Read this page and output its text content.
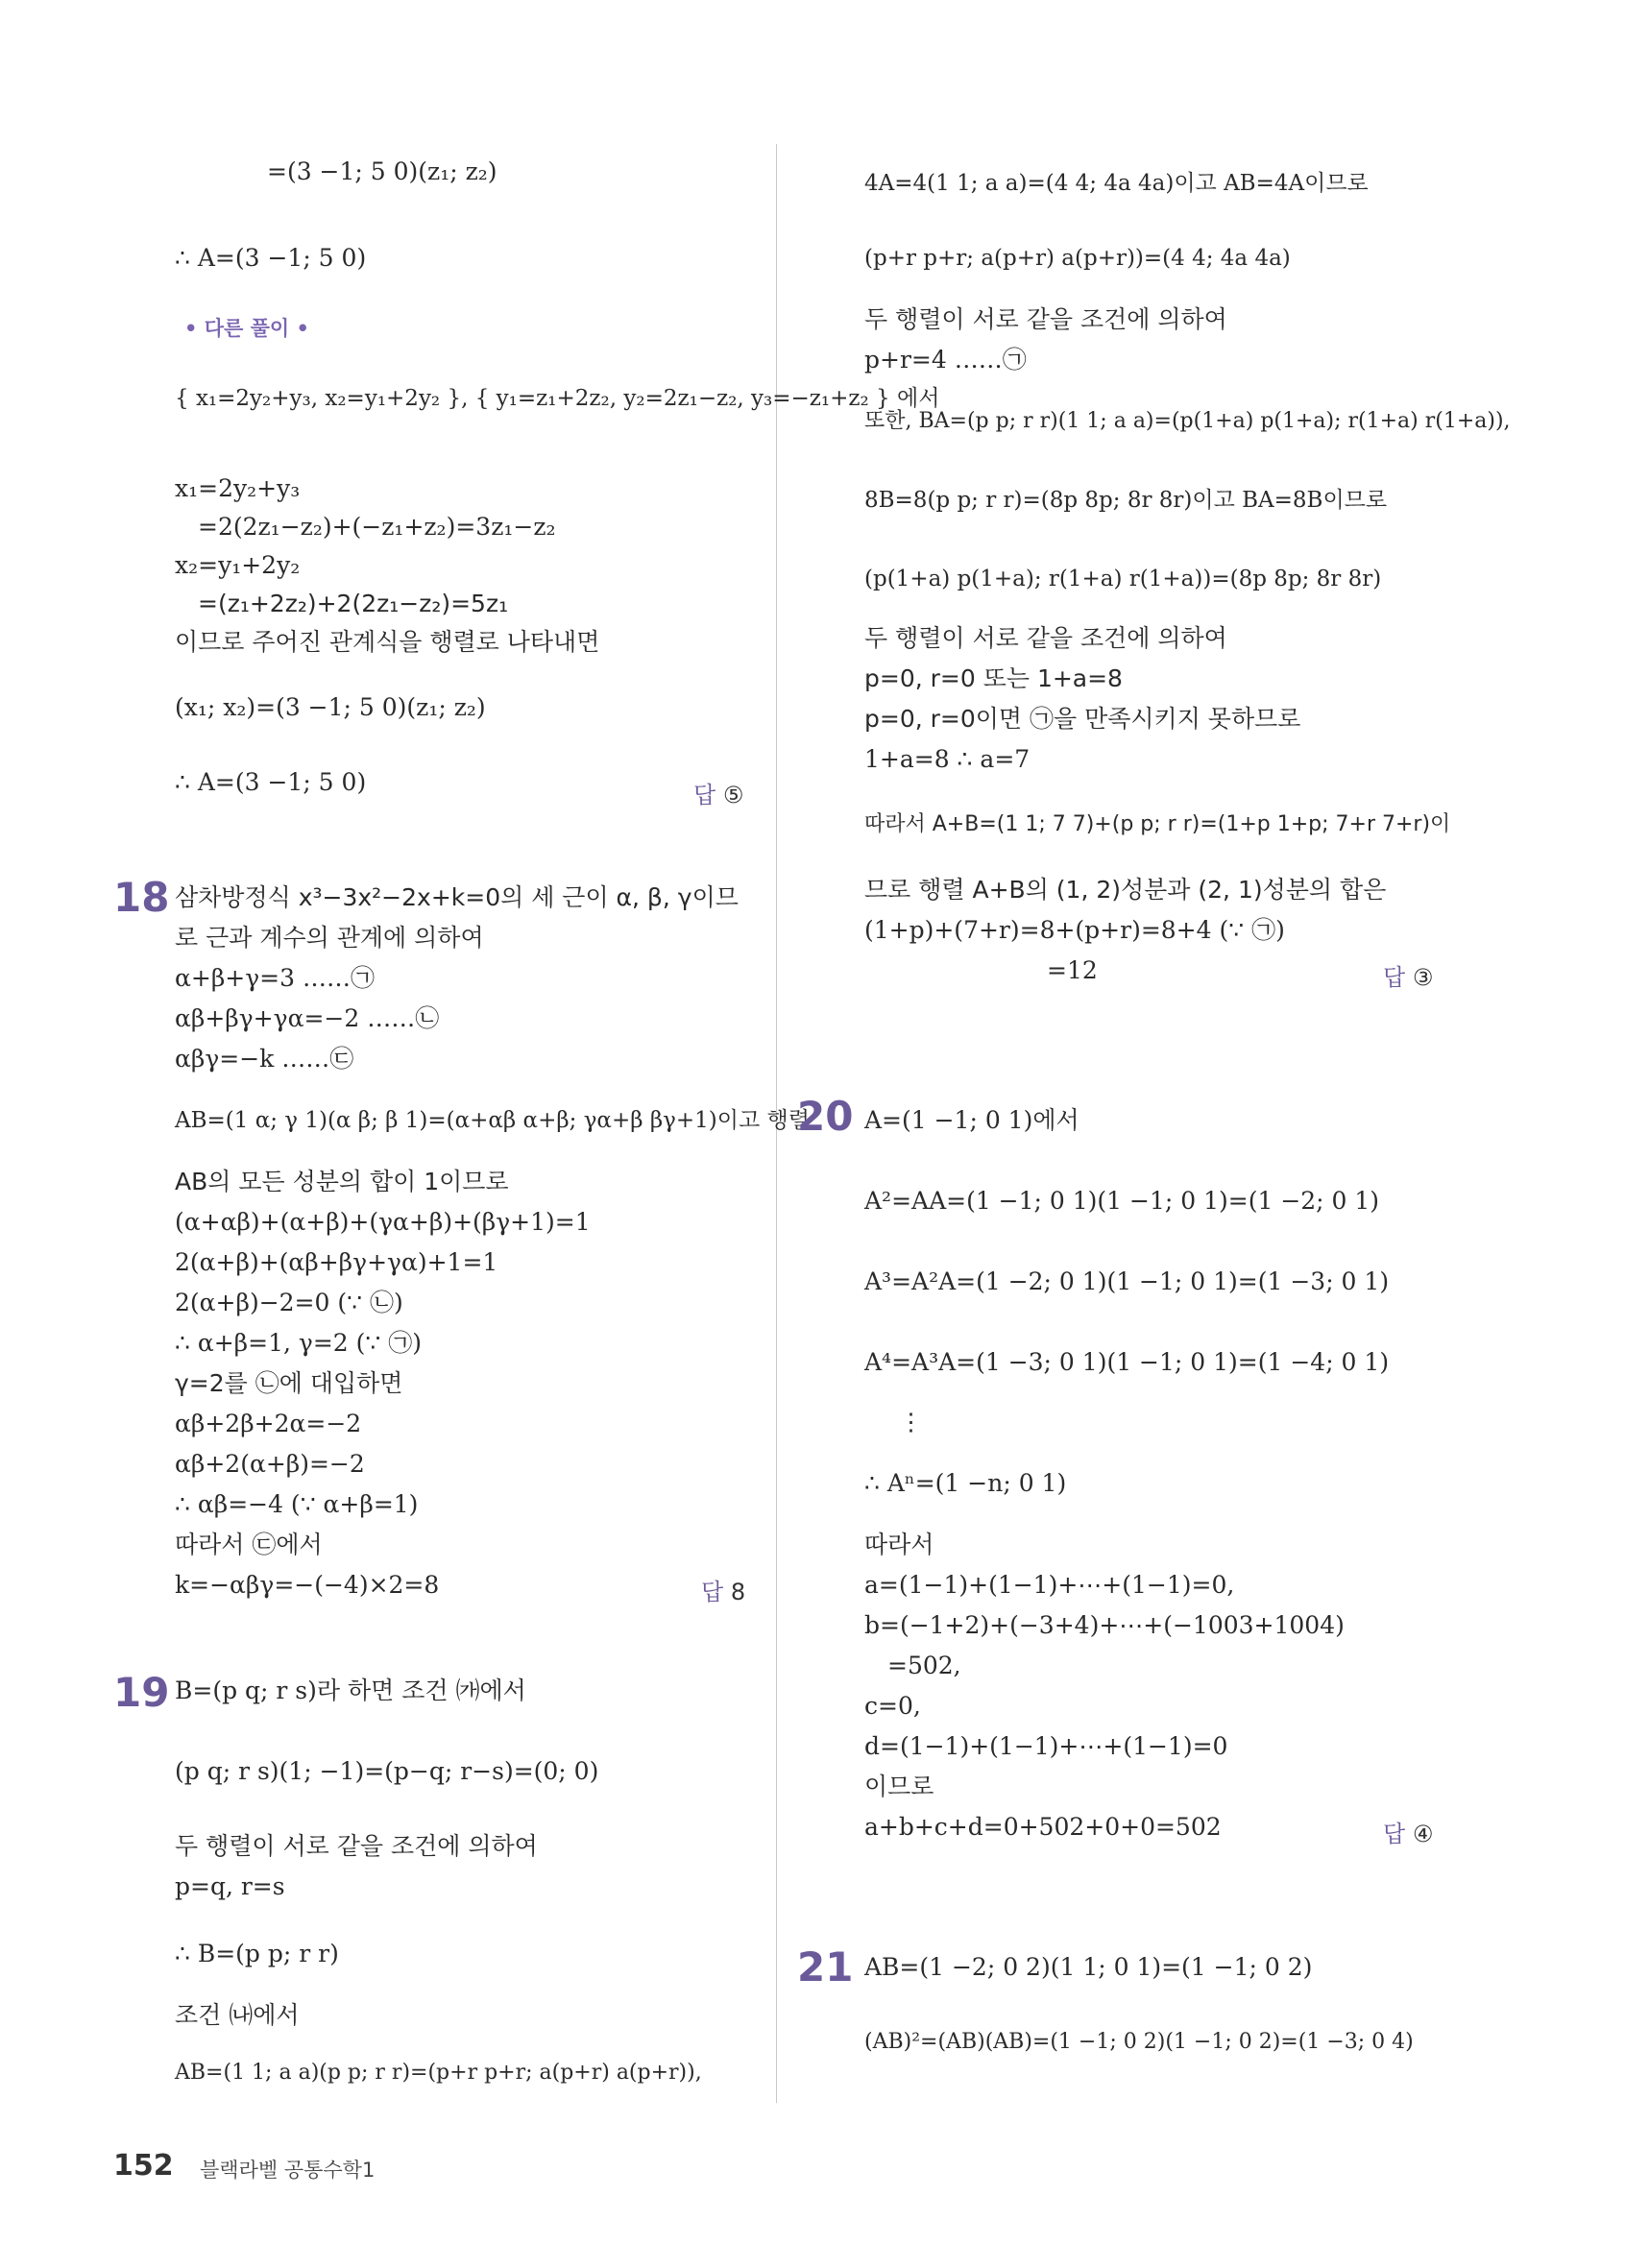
=(3 −1; 5 0)(z₁; z₂)
∴ A=(3 −1; 5 0)
• 다른 풀이 •
{ x₁=2y₂+y₃, x₂=y₁+2y₂ }, { y₁=z₁+2z₂, y₂=2z₁−z₂, y₃=−z₁+z₂ } 에서
x₁=2y₂+y₃
=2(2z₁−z₂)+(−z₁+z₂)=3z₁−z₂
x₂=y₁+2y₂
=(z₁+2z₂)+2(2z₁−z₂)=5z₁
이므로 주어진 관계식을 행렬로 나타내면
(x₁; x₂)=(3 −1; 5 0)(z₁; z₂)
∴ A=(3 −1; 5 0)	답 ⑤
18 삼차방정식 x³−3x²−2x+k=0의 세 근이 α, β, γ이므
로 근과 계수의 관계에 의하여
α+β+γ=3 ……㉠
αβ+βγ+γα=−2 ……㉡
αβγ=−k ……㉢
AB=(1 α; γ 1)(α β; β 1)=(α+αβ α+β; γα+β βγ+1)이고 행렬
AB의 모든 성분의 합이 1이므로
(α+αβ)+(α+β)+(γα+β)+(βγ+1)=1
2(α+β)+(αβ+βγ+γα)+1=1
2(α+β)−2=0 (∵ ㉡)
∴ α+β=1, γ=2 (∵ ㉠)
γ=2를 ㉡에 대입하면
αβ+2β+2α=−2
αβ+2(α+β)=−2
∴ αβ=−4 (∵ α+β=1)
따라서 ㉢에서
k=−αβγ=−(−4)×2=8	답 8
19 B=(p q; r s)라 하면 조건 ㈎에서
(p q; r s)(1; −1)=(p−q; r−s)=(0; 0)
두 행렬이 서로 같을 조건에 의하여
p=q, r=s
∴ B=(p p; r r)
조건 ㈏에서
AB=(1 1; a a)(p p; r r)=(p+r p+r; a(p+r) a(p+r)),
4A=4(1 1; a a)=(4 4; 4a 4a)이고 AB=4A이므로
(p+r p+r; a(p+r) a(p+r))=(4 4; 4a 4a)
두 행렬이 서로 같을 조건에 의하여
p+r=4 ……㉠
또한, BA=(p p; r r)(1 1; a a)=(p(1+a) p(1+a); r(1+a) r(1+a)),
8B=8(p p; r r)=(8p 8p; 8r 8r)이고 BA=8B이므로
(p(1+a) p(1+a); r(1+a) r(1+a))=(8p 8p; 8r 8r)
두 행렬이 서로 같을 조건에 의하여
p=0, r=0 또는 1+a=8
p=0, r=0이면 ㉠을 만족시키지 못하므로
1+a=8 ∴ a=7
따라서 A+B=(1 1; 7 7)+(p p; r r)=(1+p 1+p; 7+r 7+r)이
므로 행렬 A+B의 (1, 2)성분과 (2, 1)성분의 합은
(1+p)+(7+r)=8+(p+r)=8+4 (∵ ㉠)
=12	답 ③
20 A=(1 −1; 0 1)에서
A²=AA=(1 −1; 0 1)(1 −1; 0 1)=(1 −2; 0 1)
A³=A²A=(1 −2; 0 1)(1 −1; 0 1)=(1 −3; 0 1)
A⁴=A³A=(1 −3; 0 1)(1 −1; 0 1)=(1 −4; 0 1)
⋮
∴ Aⁿ=(1 −n; 0 1)
따라서
a=(1−1)+(1−1)+⋯+(1−1)=0,
b=(−1+2)+(−3+4)+⋯+(−1003+1004)
=502,
c=0,
d=(1−1)+(1−1)+⋯+(1−1)=0
이므로
a+b+c+d=0+502+0+0=502	답 ④
21 AB=(1 −2; 0 2)(1 1; 0 1)=(1 −1; 0 2)
(AB)²=(AB)(AB)=(1 −1; 0 2)(1 −1; 0 2)=(1 −3; 0 4)
152 블랙라벨 공통수학1
